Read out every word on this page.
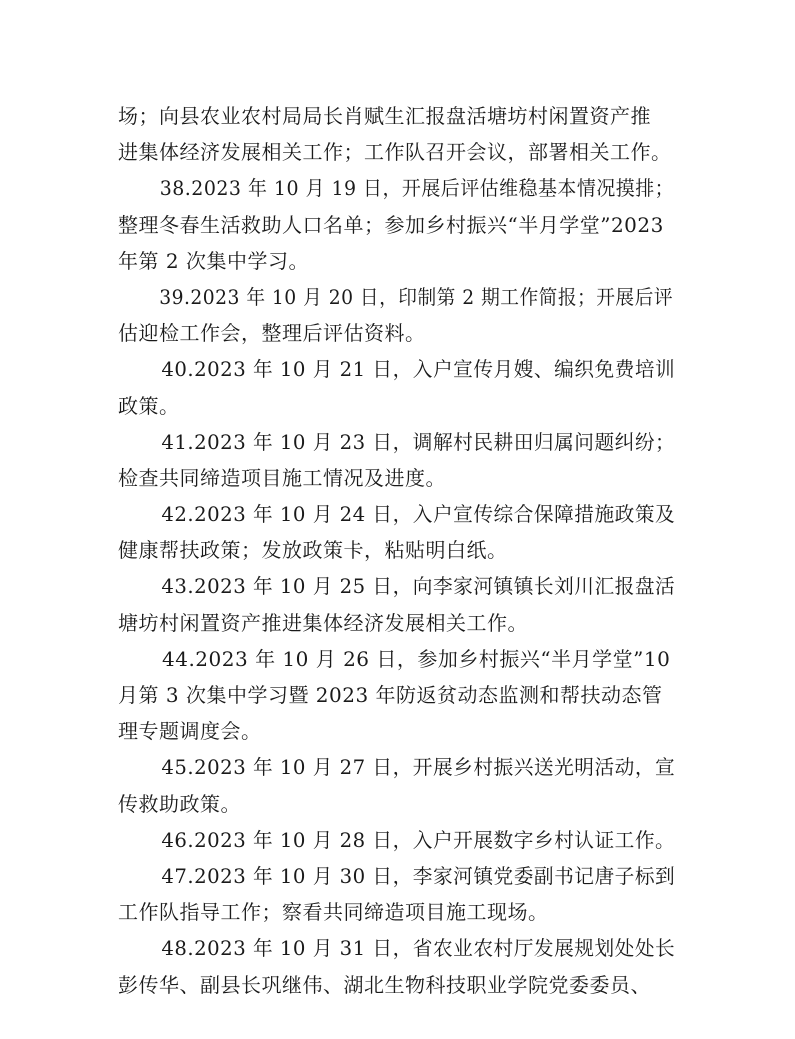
场；向县农业农村局局长肖赋生汇报盘活塘坊村闲置资产推
进集体经济发展相关工作；工作队召开会议，部署相关工作。
38.2023 年 10 月 19 日，开展后评估维稳基本情况摸排；
整理冬春生活救助人口名单；参加乡村振兴“半月学堂”2023
年第 2 次集中学习。
39.2023 年 10 月 20 日，印制第 2 期工作简报；开展后评
估迎检工作会，整理后评估资料。
40.2023 年 10 月 21 日，入户宣传月嫂、编织免费培训
政策。
41.2023 年 10 月 23 日，调解村民耕田归属问题纠纷；
检查共同缔造项目施工情况及进度。
42.2023 年 10 月 24 日，入户宣传综合保障措施政策及
健康帮扶政策；发放政策卡，粘贴明白纸。
43.2023 年 10 月 25 日，向李家河镇镇长刘川汇报盘活
塘坊村闲置资产推进集体经济发展相关工作。
44.2023 年 10 月 26 日，参加乡村振兴“半月学堂”10
月第 3 次集中学习暨 2023 年防返贫动态监测和帮扶动态管
理专题调度会。
45.2023 年 10 月 27 日，开展乡村振兴送光明活动，宣
传救助政策。
46.2023 年 10 月 28 日，入户开展数字乡村认证工作。
47.2023 年 10 月 30 日，李家河镇党委副书记唐子标到
工作队指导工作；察看共同缔造项目施工现场。
48.2023 年 10 月 31 日，省农业农村厅发展规划处处长
彭传华、副县长巩继伟、湖北生物科技职业学院党委委员、
